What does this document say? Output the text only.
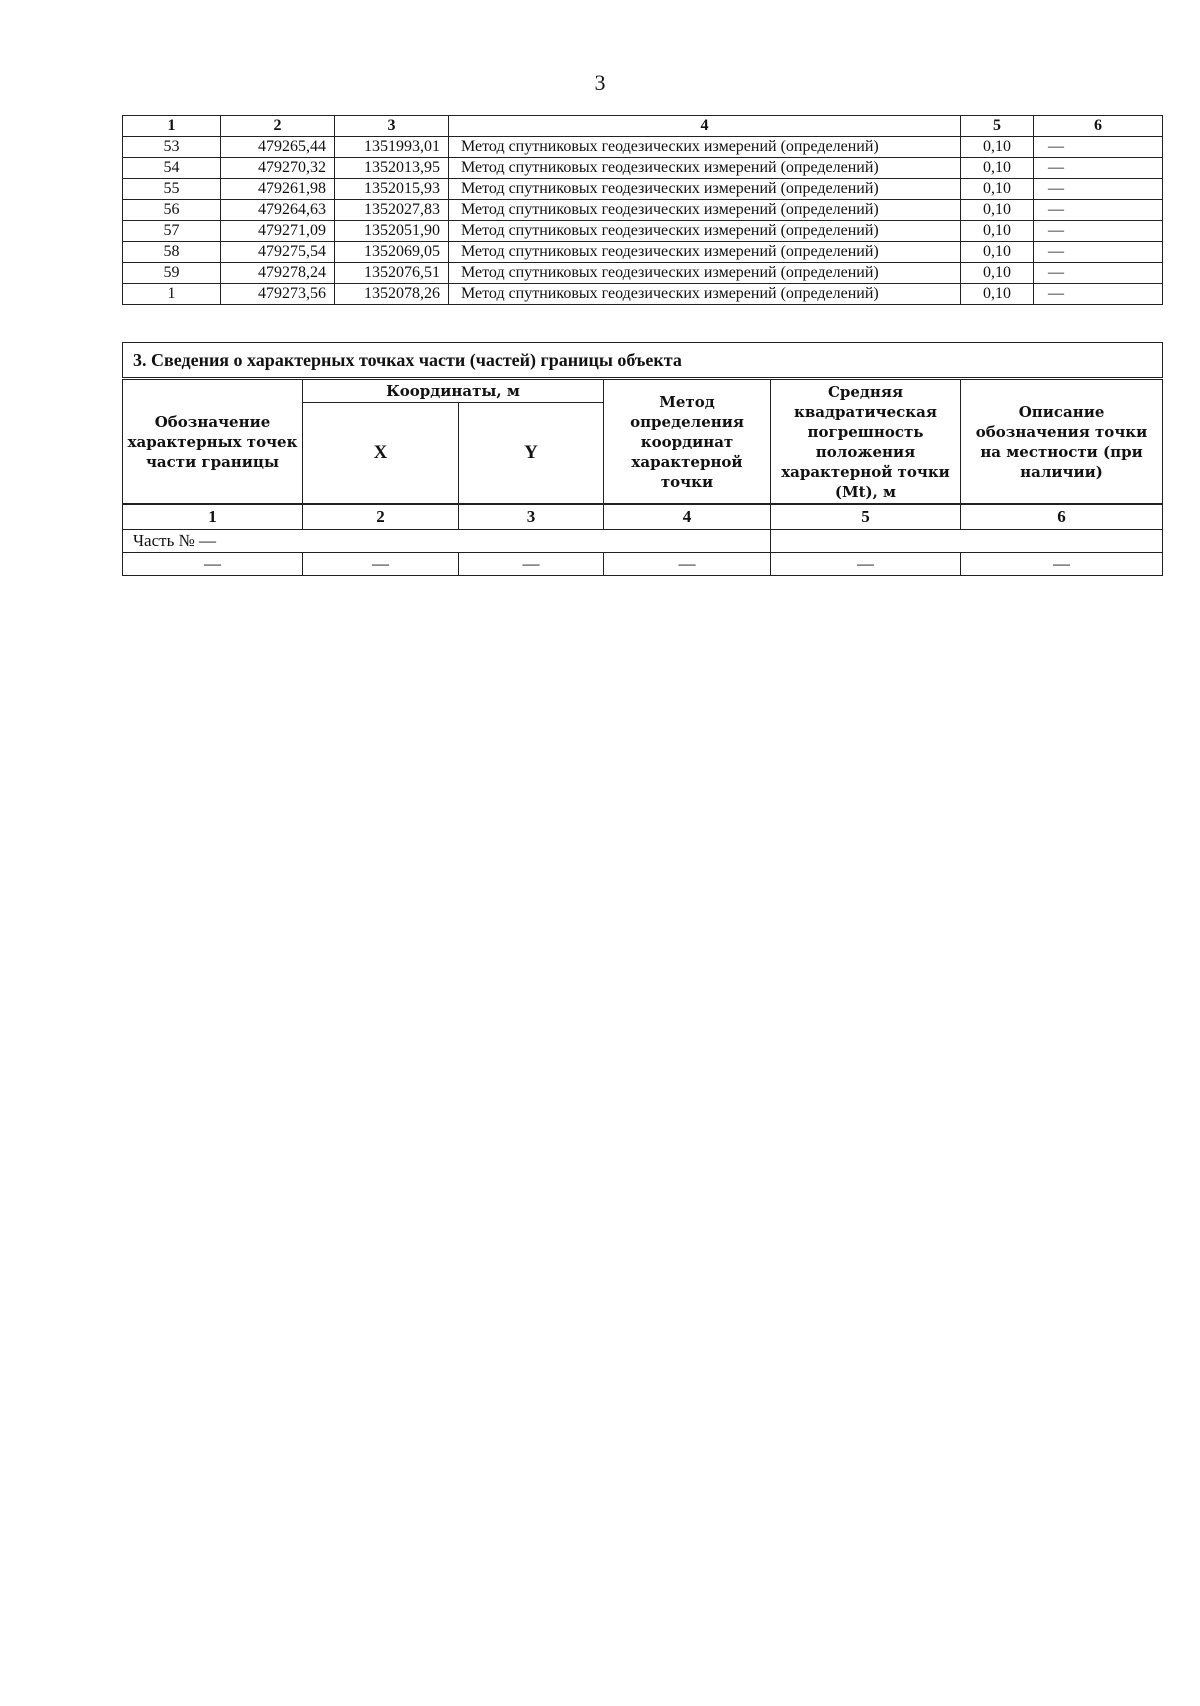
3
1	2	3	4	5	6
53	479265,44	1351993,01	Метод спутниковых геодезических измерений (определений)	0,10	—
54	479270,32	1352013,95	Метод спутниковых геодезических измерений (определений)	0,10	—
55	479261,98	1352015,93	Метод спутниковых геодезических измерений (определений)	0,10	—
56	479264,63	1352027,83	Метод спутниковых геодезических измерений (определений)	0,10	—
57	479271,09	1352051,90	Метод спутниковых геодезических измерений (определений)	0,10	—
58	479275,54	1352069,05	Метод спутниковых геодезических измерений (определений)	0,10	—
59	479278,24	1352076,51	Метод спутниковых геодезических измерений (определений)	0,10	—
1	479273,56	1352078,26	Метод спутниковых геодезических измерений (определений)	0,10	—
3. Сведения о характерных точках части (частей) границы объекта					
Обозначение характерных точек части границы	Координаты, м		Метод определения координат характерной точки	Средняя квадратическая погрешность положения характерной точки (Mt), м	Описание обозначения точки на местности (при наличии)
	X	Y			
1	2	3	4	5	6
Часть № —					
—	—	—	—	—	—
